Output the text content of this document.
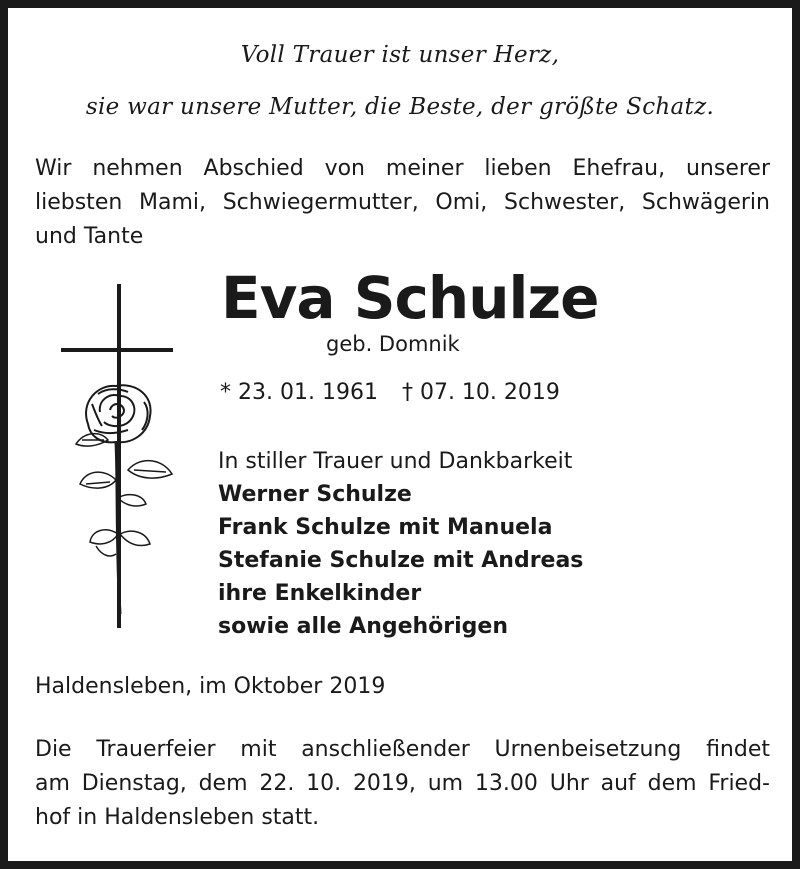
Voll Trauer ist unser Herz,
sie war unsere Mutter, die Beste, der größte Schatz.
Wir nehmen Abschied von meiner lieben Ehefrau, unserer
liebsten Mami, Schwiegermutter, Omi, Schwester, Schwägerin
und Tante
Eva Schulze
geb. Domnik
* 23. 01. 1961 † 07. 10. 2019
In stiller Trauer und Dankbarkeit
Werner Schulze
Frank Schulze mit Manuela
Stefanie Schulze mit Andreas
ihre Enkelkinder
sowie alle Angehörigen
Haldensleben, im Oktober 2019
Die Trauerfeier mit anschließender Urnenbeisetzung findet
am Dienstag, dem 22. 10. 2019, um 13.00 Uhr auf dem Fried-
hof in Haldensleben statt.
